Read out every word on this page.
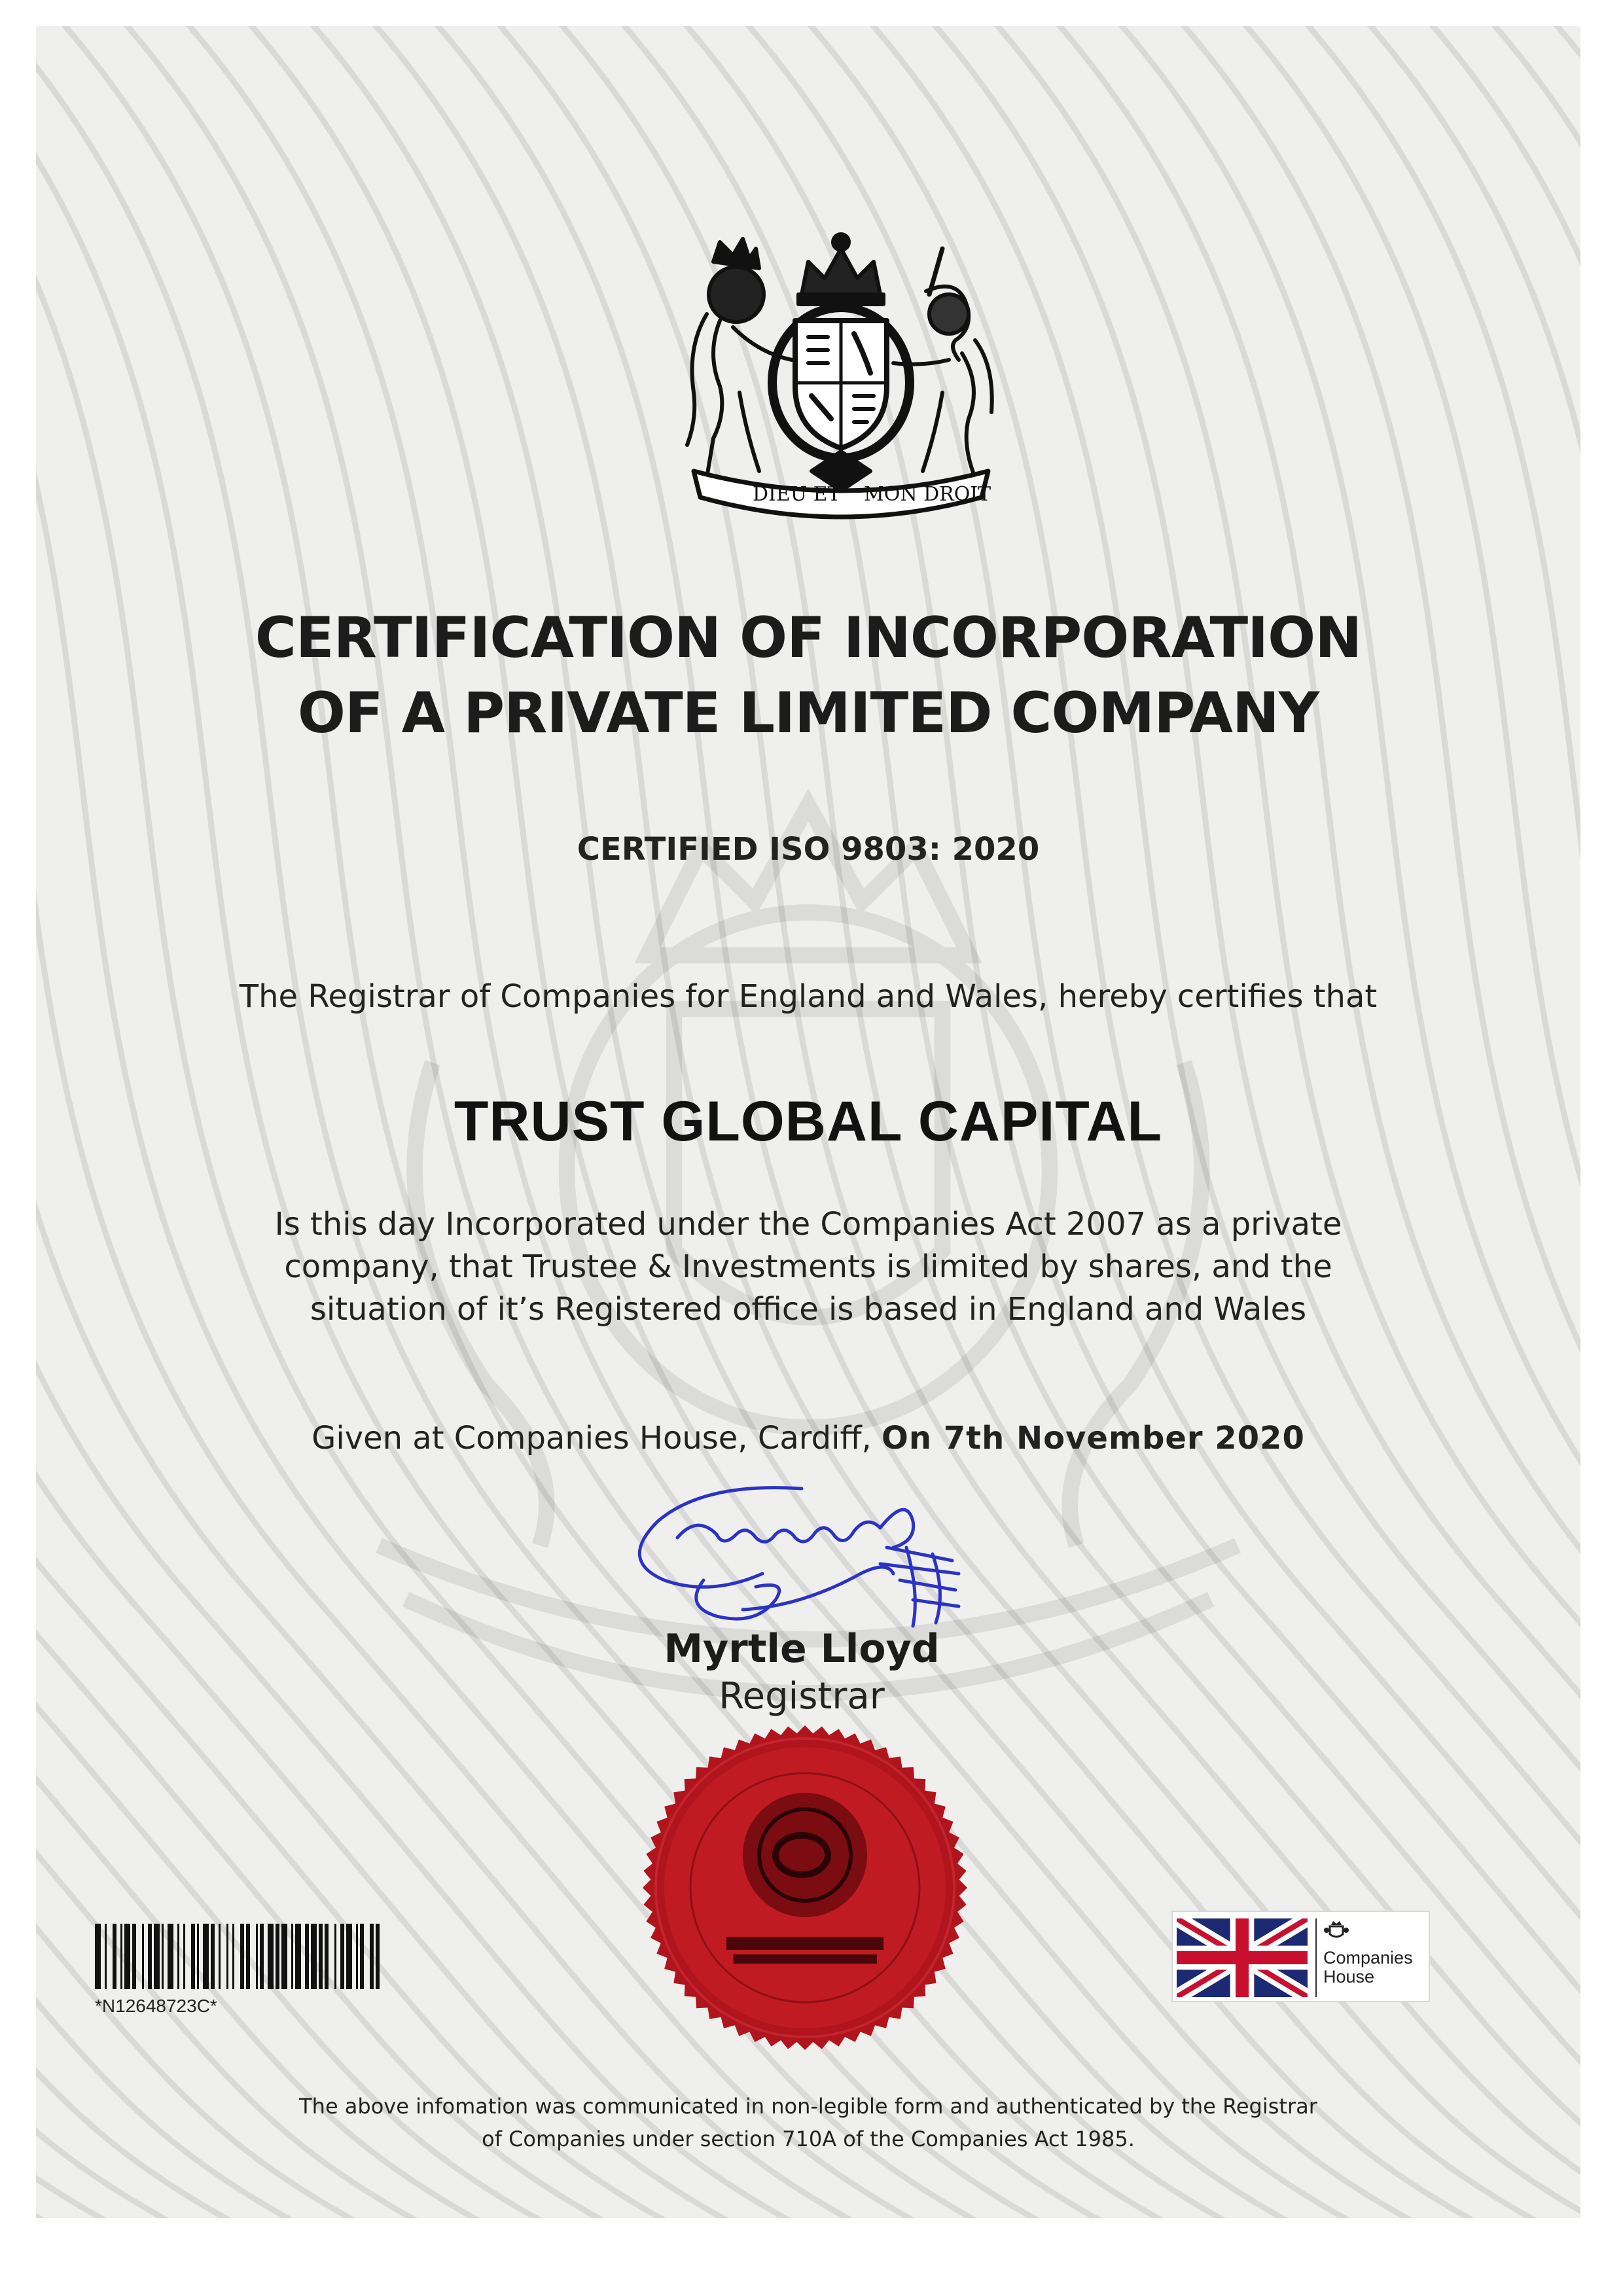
DIEU ET MON DROIT
CERTIFICATION OF INCORPORATION
OF A PRIVATE LIMITED COMPANY
CERTIFIED ISO 9803: 2020
The Registrar of Companies for England and Wales, hereby certifies that
TRUST GLOBAL CAPITAL
Is this day Incorporated under the Companies Act 2007 as a private
company, that Trustee & Investments is limited by shares, and the
situation of it’s Registered office is based in England and Wales
Given at Companies House, Cardiff, On 7th November 2020
Myrtle Lloyd
Registrar
*N12648723C*
Companies
House
The above infomation was communicated in non-legible form and authenticated by the Registrar
of Companies under section 710A of the Companies Act 1985.
